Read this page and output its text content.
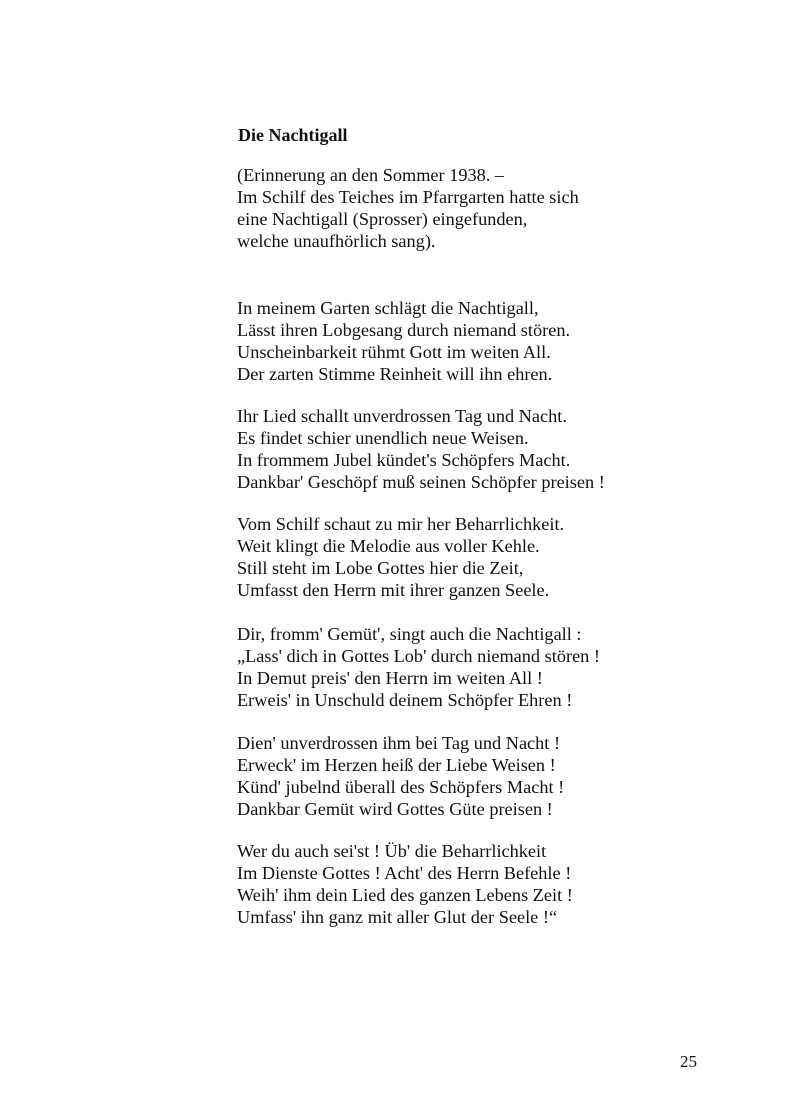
Die Nachtigall
(Erinnerung an den Sommer 1938. –
Im Schilf des Teiches im Pfarrgarten hatte sich
eine Nachtigall (Sprosser) eingefunden,
welche unaufhörlich sang).
In meinem Garten schlägt die Nachtigall,
Lässt ihren Lobgesang durch niemand stören.
Unscheinbarkeit rühmt Gott im weiten All.
Der zarten Stimme Reinheit will ihn ehren.
Ihr Lied schallt unverdrossen Tag und Nacht.
Es findet schier unendlich neue Weisen.
In frommem Jubel kündet's Schöpfers Macht.
Dankbar' Geschöpf muß seinen Schöpfer preisen !
Vom Schilf schaut zu mir her Beharrlichkeit.
Weit klingt die Melodie aus voller Kehle.
Still steht im Lobe Gottes hier die Zeit,
Umfasst den Herrn mit ihrer ganzen Seele.
Dir, fromm' Gemüt', singt auch die Nachtigall :
„Lass' dich in Gottes Lob' durch niemand stören !
In Demut preis' den Herrn im weiten All !
Erweis' in Unschuld deinem Schöpfer Ehren !
Dien' unverdrossen ihm bei Tag und Nacht !
Erweck' im Herzen heiß der Liebe Weisen !
Künd' jubelnd überall des Schöpfers Macht !
Dankbar Gemüt wird Gottes Güte preisen !
Wer du auch sei'st ! Üb' die Beharrlichkeit
Im Dienste Gottes ! Acht' des Herrn Befehle !
Weih' ihm dein Lied des ganzen Lebens Zeit !
Umfass' ihn ganz mit aller Glut der Seele !“
25
